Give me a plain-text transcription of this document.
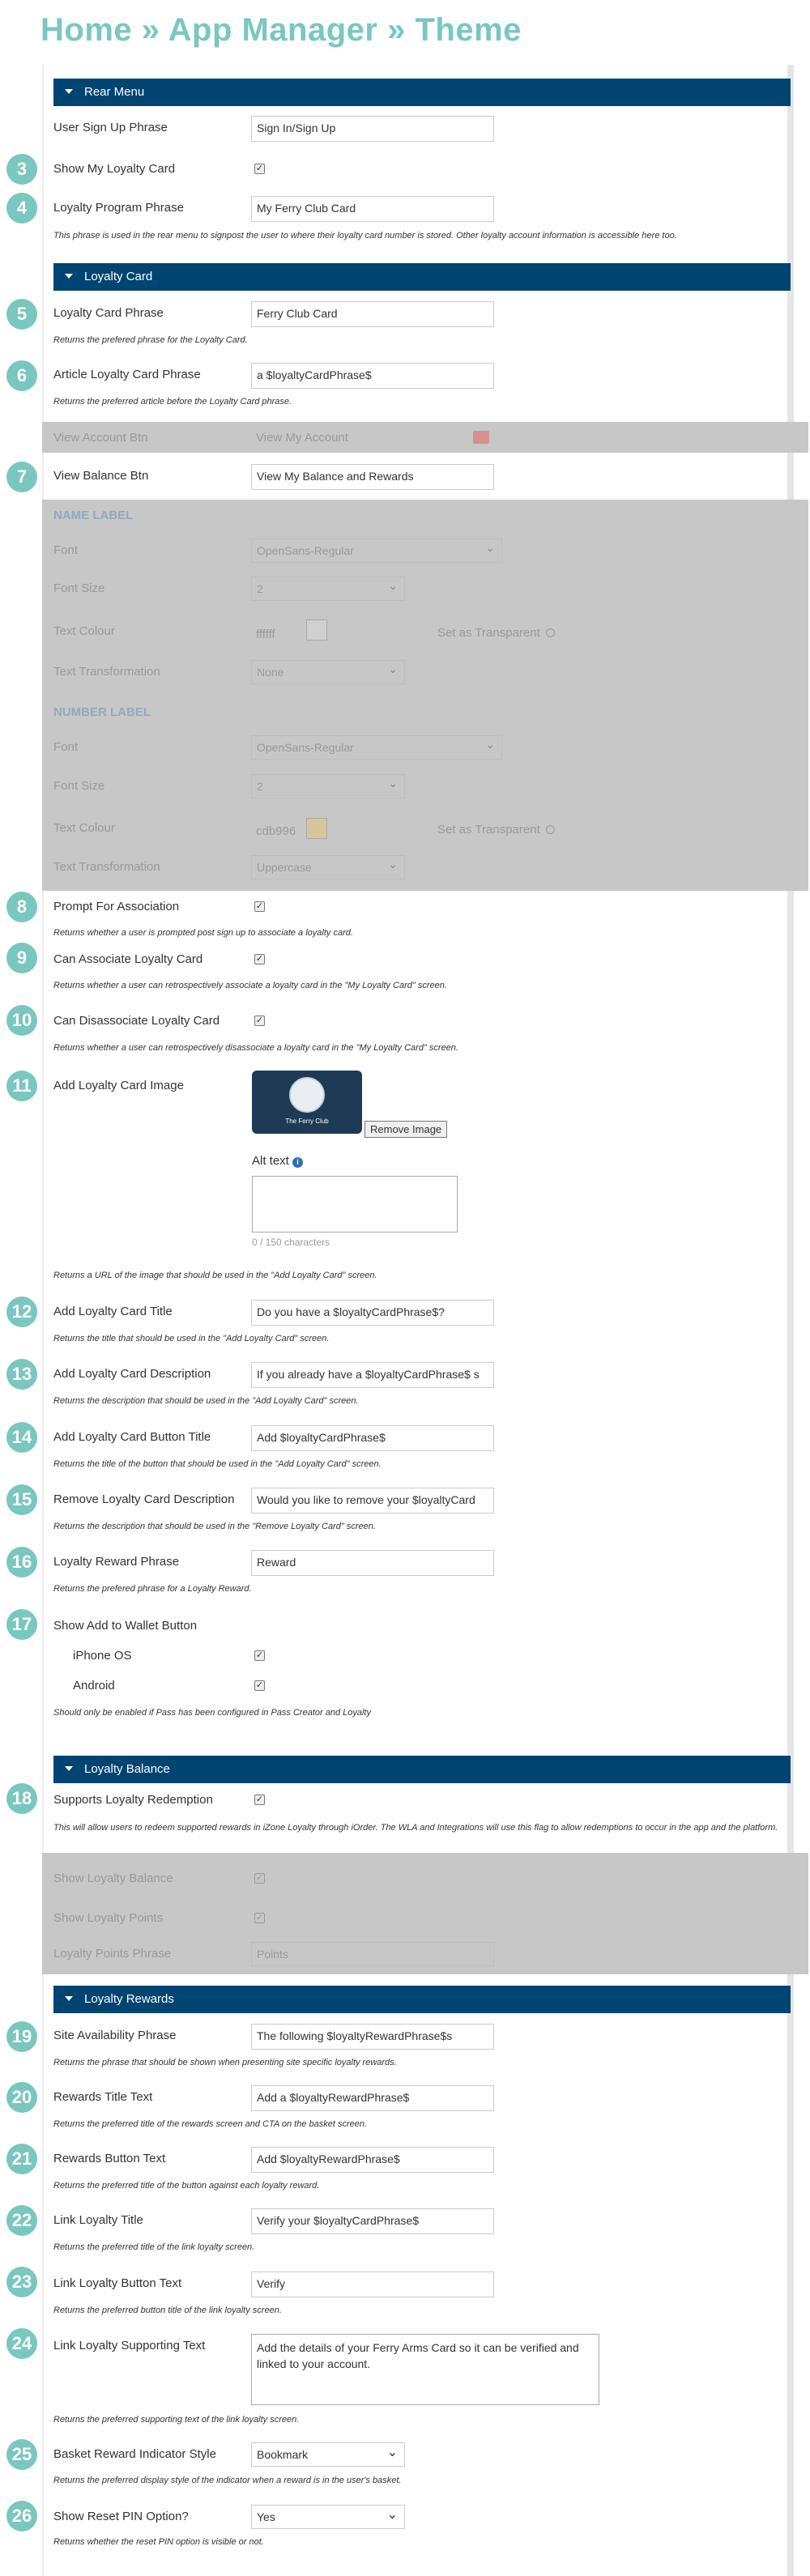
Home » App Manager » Theme
Rear Menu
User Sign Up Phrase	Sign In/Sign Up
3	Show My Loyalty Card	✓
4	Loyalty Program Phrase	My Ferry Club Card
This phrase is used in the rear menu to signpost the user to where their loyalty card number is stored. Other loyalty account information is accessible here too.
Loyalty Card
5	Loyalty Card Phrase	Ferry Club Card
Returns the prefered phrase for the Loyalty Card.
6	Article Loyalty Card Phrase	a $loyaltyCardPhrase$
Returns the preferred article before the Loyalty Card phrase.
View Account Btn	View My Account
7	View Balance Btn	View My Balance and Rewards
NAME LABEL
Font	OpenSans-Regular ⌄
Font Size	2 ⌄
Text Colour	ffffff	Set as Transparent
Text Transformation	None ⌄
NUMBER LABEL
Font	OpenSans-Regular ⌄
Font Size	2 ⌄
Text Colour	cdb996	Set as Transparent
Text Transformation	Uppercase ⌄
8	Prompt For Association	✓
Returns whether a user is prompted post sign up to associate a loyalty card.
9	Can Associate Loyalty Card	✓
Returns whether a user can retrospectively associate a loyalty card in the "My Loyalty Card" screen.
10	Can Disassociate Loyalty Card	✓
Returns whether a user can retrospectively disassociate a loyalty card in the "My Loyalty Card" screen.
11	Add Loyalty Card Image
The Ferry Club
Remove Image
Alt text i
0 / 150 characters
Returns a URL of the image that should be used in the "Add Loyalty Card" screen.
12	Add Loyalty Card Title	Do you have a $loyaltyCardPhrase$?
Returns the title that should be used in the "Add Loyalty Card" screen.
13	Add Loyalty Card Description	If you already have a $loyaltyCardPhrase$ s
Returns the description that should be used in the "Add Loyalty Card" screen.
14	Add Loyalty Card Button Title	Add $loyaltyCardPhrase$
Returns the title of the button that should be used in the "Add Loyalty Card" screen.
15	Remove Loyalty Card Description	Would you like to remove your $loyaltyCard
Returns the description that should be used in the "Remove Loyalty Card" screen.
16	Loyalty Reward Phrase	Reward
Returns the prefered phrase for a Loyalty Reward.
17	Show Add to Wallet Button
iPhone OS	✓
Android	✓
Should only be enabled if Pass has been configured in Pass Creator and Loyalty
Loyalty Balance
18	Supports Loyalty Redemption	✓
This will allow users to redeem supported rewards in iZone Loyalty through iOrder. The WLA and Integrations will use this flag to allow redemptions to occur in the app and the platform.
Show Loyalty Balance	✓
Show Loyalty Points	✓
Loyalty Points Phrase	Points
Loyalty Rewards
19	Site Availability Phrase	The following $loyaltyRewardPhrase$s
Returns the phrase that should be shown when presenting site specific loyalty rewards.
20	Rewards Title Text	Add a $loyaltyRewardPhrase$
Returns the preferred title of the rewards screen and CTA on the basket screen.
21	Rewards Button Text	Add $loyaltyRewardPhrase$
Returns the preferred title of the button against each loyalty reward.
22	Link Loyalty Title	Verify your $loyaltyCardPhrase$
Returns the preferred title of the link loyalty screen.
23	Link Loyalty Button Text	Verify
Returns the preferred button title of the link loyalty screen.
24	Link Loyalty Supporting Text	Add the details of your Ferry Arms Card so it can be verified and linked to your account.
Returns the preferred supporting text of the link loyalty screen.
25	Basket Reward Indicator Style	Bookmark ⌄
Returns the preferred display style of the indicator when a reward is in the user's basket.
26	Show Reset PIN Option?	Yes ⌄
Returns whether the reset PIN option is visible or not.
